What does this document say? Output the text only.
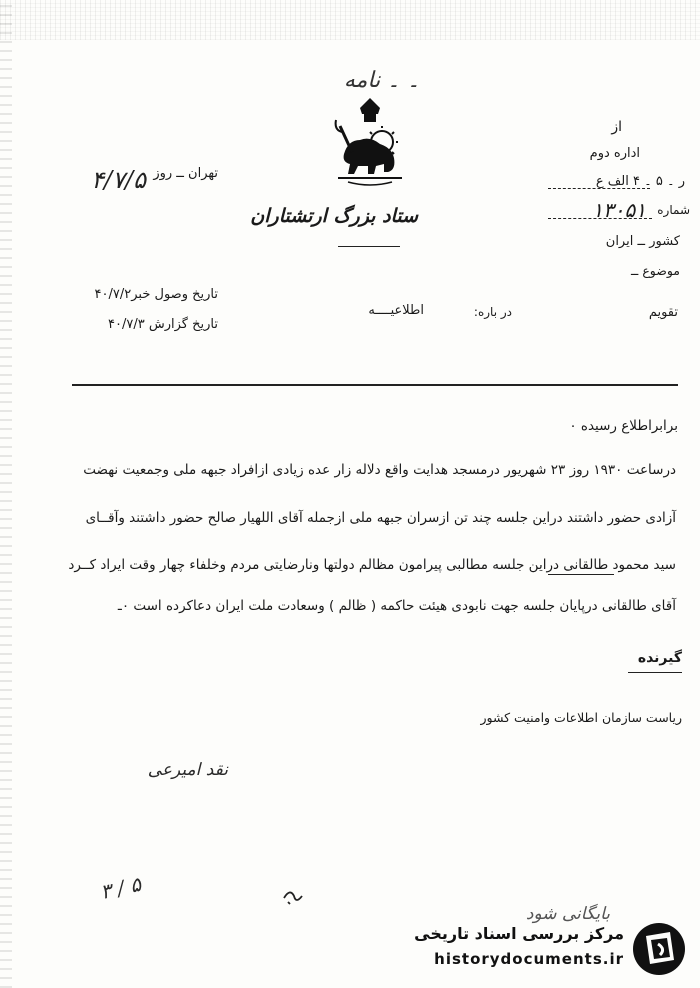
۔ ۔ نامه
ستاد بزرگ ارتشتاران
تهران ــ روز
۴/۷/۵
از
اداره دوم
ر ۔ ۵ ۔ ۴ الف ع
شماره
۱۳۰۵۱
کشور ــ ایران
موضوع ــ
تاریخ وصول خبر۴۰/۷/۲
تاریخ گزارش ۴۰/۷/۳
تقویم
در باره:
اطلاعیــــه
برابراطلاع رسیده ۰
درساعت ۱۹۳۰ روز ۲۳ شهریور درمسجد هدایت واقع دلاله زار عده زیادی ازافراد جبهه ملی وجمعیت نهضت
آزادی حضور داشتند دراین جلسه چند تن ازسران جبهه ملی ازجمله آقای اللهیار صالح حضور داشتند وآقــای
سید محمود طالقانی دراین جلسه مطالبی پیرامون مظالم دولتها ونارضایتی مردم وخلفاء چهار وقت ایراد کــرد
آقای طالقانی درپایان جلسه جهت نابودی هیئت حاکمه ( ظالم ) وسعادت ملت ایران دعاکرده است ۰ـ
گیرنده
ریاست سازمان اطلاعات وامنیت کشور
نقد امیرعی
۳ / ۵
بایگانی شود
مرکز بررسی اسناد تاریخی
historydocuments.ir
